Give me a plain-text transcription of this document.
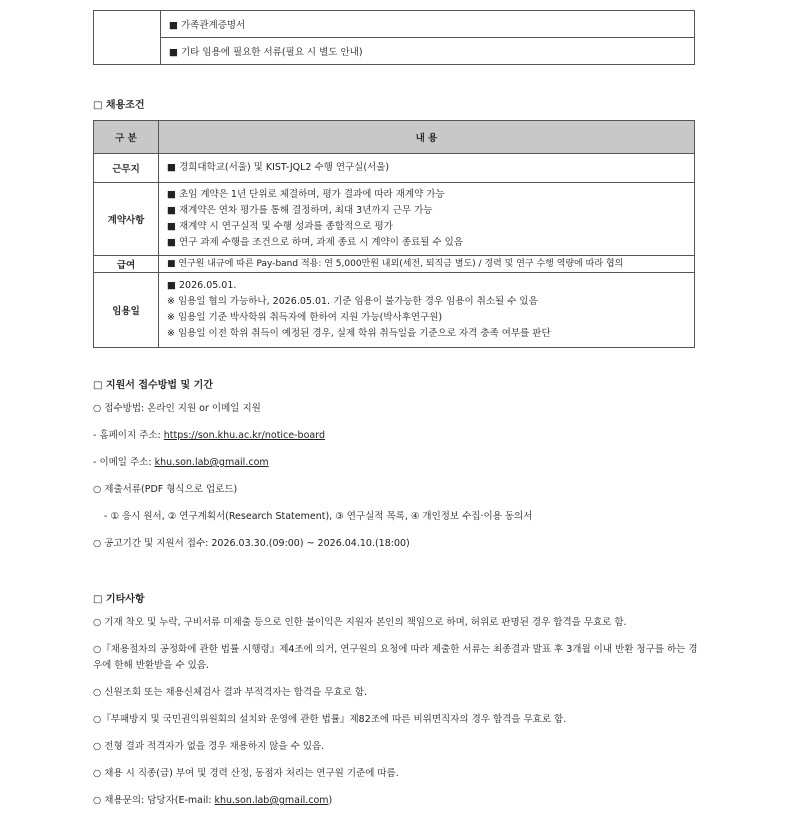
	■ 가족관계증명서
■ 기타 임용에 필요한 서류(필요 시 별도 안내)
□ 채용조건
구 분	내 용
근무지	■ 경희대학교(서울) 및 KIST-JQL2 수행 연구실(서울)

계약사항	■ 초임 계약은 1년 단위로 체결하며, 평가 결과에 따라 재계약 가능
■ 재계약은 연차 평가를 통해 결정하며, 최대 3년까지 근무 가능
■ 재계약 시 연구실적 및 수행 성과를 종합적으로 평가
■ 연구 과제 수행을 조건으로 하며, 과제 종료 시 계약이 종료될 수 있음

급여	■ 연구원 내규에 따른 Pay-band 적용: 연 5,000만원 내외(세전, 퇴직금 별도) / 경력 및 연구 수행 역량에 따라 협의

임용일	■ 2026.05.01.
※ 임용일 협의 가능하나, 2026.05.01. 기준 임용이 불가능한 경우 임용이 취소될 수 있음
※ 임용일 기준 박사학위 취득자에 한하여 지원 가능(박사후연구원)
※ 임용일 이전 학위 취득이 예정된 경우, 실제 학위 취득일을 기준으로 자격 충족 여부를 판단
□ 지원서 접수방법 및 기간
○ 접수방법: 온라인 지원 or 이메일 지원
- 홈페이지 주소: https://son.khu.ac.kr/notice-board
- 이메일 주소: khu.son.lab@gmail.com
○ 제출서류(PDF 형식으로 업로드)
- ① 응시 원서, ② 연구계획서(Research Statement), ③ 연구실적 목록, ④ 개인정보 수집·이용 동의서
○ 공고기간 및 지원서 접수: 2026.03.30.(09:00) ~ 2026.04.10.(18:00)
□ 기타사항
○ 기재 착오 및 누락, 구비서류 미제출 등으로 인한 불이익은 지원자 본인의 책임으로 하며, 허위로 판명된 경우 합격을 무효로 함.
○『채용절차의 공정화에 관한 법률 시행령』제4조에 의거, 연구원의 요청에 따라 제출한 서류는 최종결과 발표 후 3개월 이내 반환 청구를 하는 경우에 한해 반환받을 수 있음.
○ 신원조회 또는 채용신체검사 결과 부적격자는 합격을 무효로 함.
○『부패방지 및 국민권익위원회의 설치와 운영에 관한 법률』제82조에 따른 비위면직자의 경우 합격을 무효로 함.
○ 전형 결과 적격자가 없을 경우 채용하지 않을 수 있음.
○ 채용 시 직종(급) 부여 및 경력 산정, 동점자 처리는 연구원 기준에 따름.
○ 채용문의: 담당자(E-mail: khu.son.lab@gmail.com)
